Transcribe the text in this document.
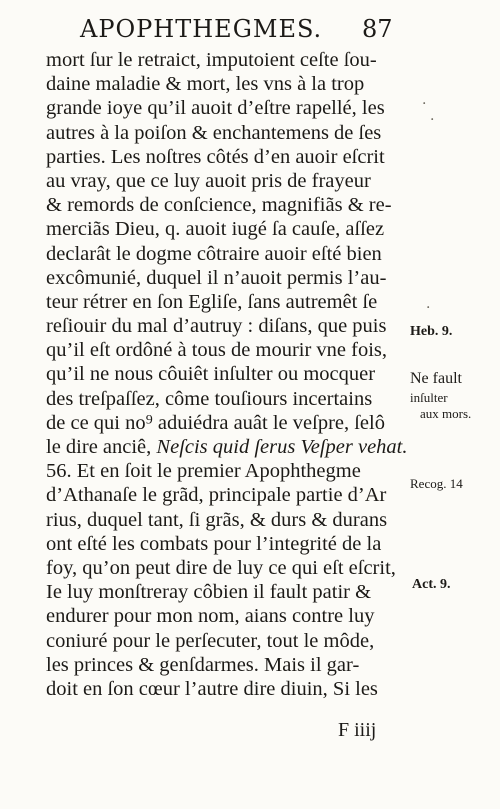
APOPHTHEGMES. 87
mort ſur le retraict, imputoient ceſte ſou-
daine maladie & mort, les vns à la trop
grande ioye qu’il auoit d’eſtre rapellé, les
autres à la poiſon & enchantemens de ſes
parties. Les noſtres côtés d’en auoir eſcrit
au vray, que ce luy auoit pris de frayeur
& remords de conſcience, magnifiãs & re-
merciãs Dieu, q. auoit iugé ſa cauſe, aſſez
declarât le dogme côtraire auoir eſté bien
excômunié, duquel il n’auoit permis l’au-
teur rétrer en ſon Egliſe, ſans autremêt ſe
reſiouir du mal d’autruy : diſans, que puis
qu’il eſt ordôné à tous de mourir vne fois,
qu’il ne nous côuiêt inſulter ou mocquer
des treſpaſſez, côme touſiours incertains
de ce qui no⁹ aduiédra auât le veſpre, ſelô
le dire anciê, Neſcis quid ſerus Veſper vehat.
56. Et en ſoit le premier Apophthegme
d’Athanaſe le grãd, principale partie d’Ar
rius, duquel tant, ſi grãs, & durs & durans
ont eſté les combats pour l’integrité de la
foy, qu’on peut dire de luy ce qui eſt eſcrit,
Ie luy monſtreray côbien il fault patir &
endurer pour mon nom, aians contre luy
coniuré pour le perſecuter, tout le môde,
les princes & genſdarmes. Mais il gar-
doit en ſon cœur l’autre dire diuin, Si les
Heb. 9.
Ne fault
inſulter
aux mors.
Recog. 14
Act. 9.
·
·
·
F iiij
